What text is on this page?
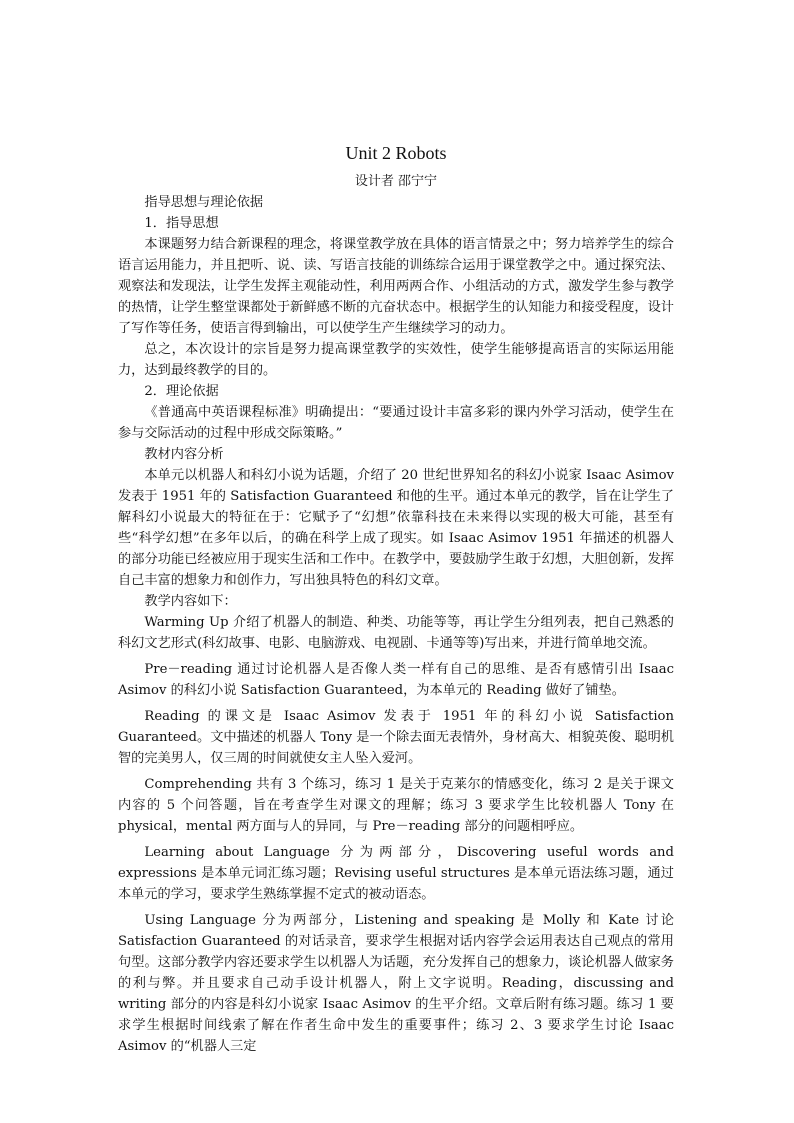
Unit 2 Robots
设计者 邵宁宁

指导思想与理论依据

1．指导思想

本课题努力结合新课程的理念，将课堂教学放在具体的语言情景之中；努力培养学生的综合语言运用能力，并且把听、说、读、写语言技能的训练综合运用于课堂教学之中。通过探究法、观察法和发现法，让学生发挥主观能动性，利用两两合作、小组活动的方式，激发学生参与教学的热情，让学生整堂课都处于新鲜感不断的亢奋状态中。根据学生的认知能力和接受程度，设计了写作等任务，使语言得到输出，可以使学生产生继续学习的动力。

总之，本次设计的宗旨是努力提高课堂教学的实效性，使学生能够提高语言的实际运用能力，达到最终教学的目的。

2．理论依据

《普通高中英语课程标准》明确提出：“要通过设计丰富多彩的课内外学习活动，使学生在参与交际活动的过程中形成交际策略。”

教材内容分析

本单元以机器人和科幻小说为话题，介绍了 20 世纪世界知名的科幻小说家 Isaac Asimov 发表于 1951 年的 Satisfaction Guaranteed 和他的生平。通过本单元的教学，旨在让学生了解科幻小说最大的特征在于：它赋予了“幻想”依靠科技在未来得以实现的极大可能，甚至有些“科学幻想”在多年以后，的确在科学上成了现实。如 Isaac Asimov 1951 年描述的机器人的部分功能已经被应用于现实生活和工作中。在教学中，要鼓励学生敢于幻想，大胆创新，发挥自己丰富的想象力和创作力，写出独具特色的科幻文章。

教学内容如下：

Warming Up 介绍了机器人的制造、种类、功能等等，再让学生分组列表，把自己熟悉的科幻文艺形式(科幻故事、电影、电脑游戏、电视剧、卡通等等)写出来，并进行简单地交流。

Pre－reading 通过讨论机器人是否像人类一样有自己的思维、是否有感情引出 Isaac Asimov 的科幻小说 Satisfaction Guaranteed，为本单元的 Reading 做好了铺垫。

Reading 的课文是 Isaac Asimov 发表于 1951 年的科幻小说 Satisfaction Guaranteed。文中描述的机器人 Tony 是一个除去面无表情外，身材高大、相貌英俊、聪明机智的完美男人，仅三周的时间就使女主人坠入爱河。

Comprehending 共有 3 个练习，练习 1 是关于克莱尔的情感变化，练习 2 是关于课文内容的 5 个问答题，旨在考查学生对课文的理解；练习 3 要求学生比较机器人 Tony 在 physical，mental 两方面与人的异同，与 Pre－reading 部分的问题相呼应。

Learning about Language 分为两部分，Discovering useful words and expressions 是本单元词汇练习题；Revising useful structures 是本单元语法练习题，通过本单元的学习，要求学生熟练掌握不定式的被动语态。

Using Language 分为两部分，Listening and speaking 是 Molly 和 Kate 讨论 Satisfaction Guaranteed 的对话录音，要求学生根据对话内容学会运用表达自己观点的常用句型。这部分教学内容还要求学生以机器人为话题，充分发挥自己的想象力，谈论机器人做家务的利与弊。并且要求自己动手设计机器人，附上文字说明。Reading，discussing and writing 部分的内容是科幻小说家 Isaac Asimov 的生平介绍。文章后附有练习题。练习 1 要求学生根据时间线索了解在作者生命中发生的重要事件；练习 2、3 要求学生讨论 Isaac Asimov 的“机器人三定
